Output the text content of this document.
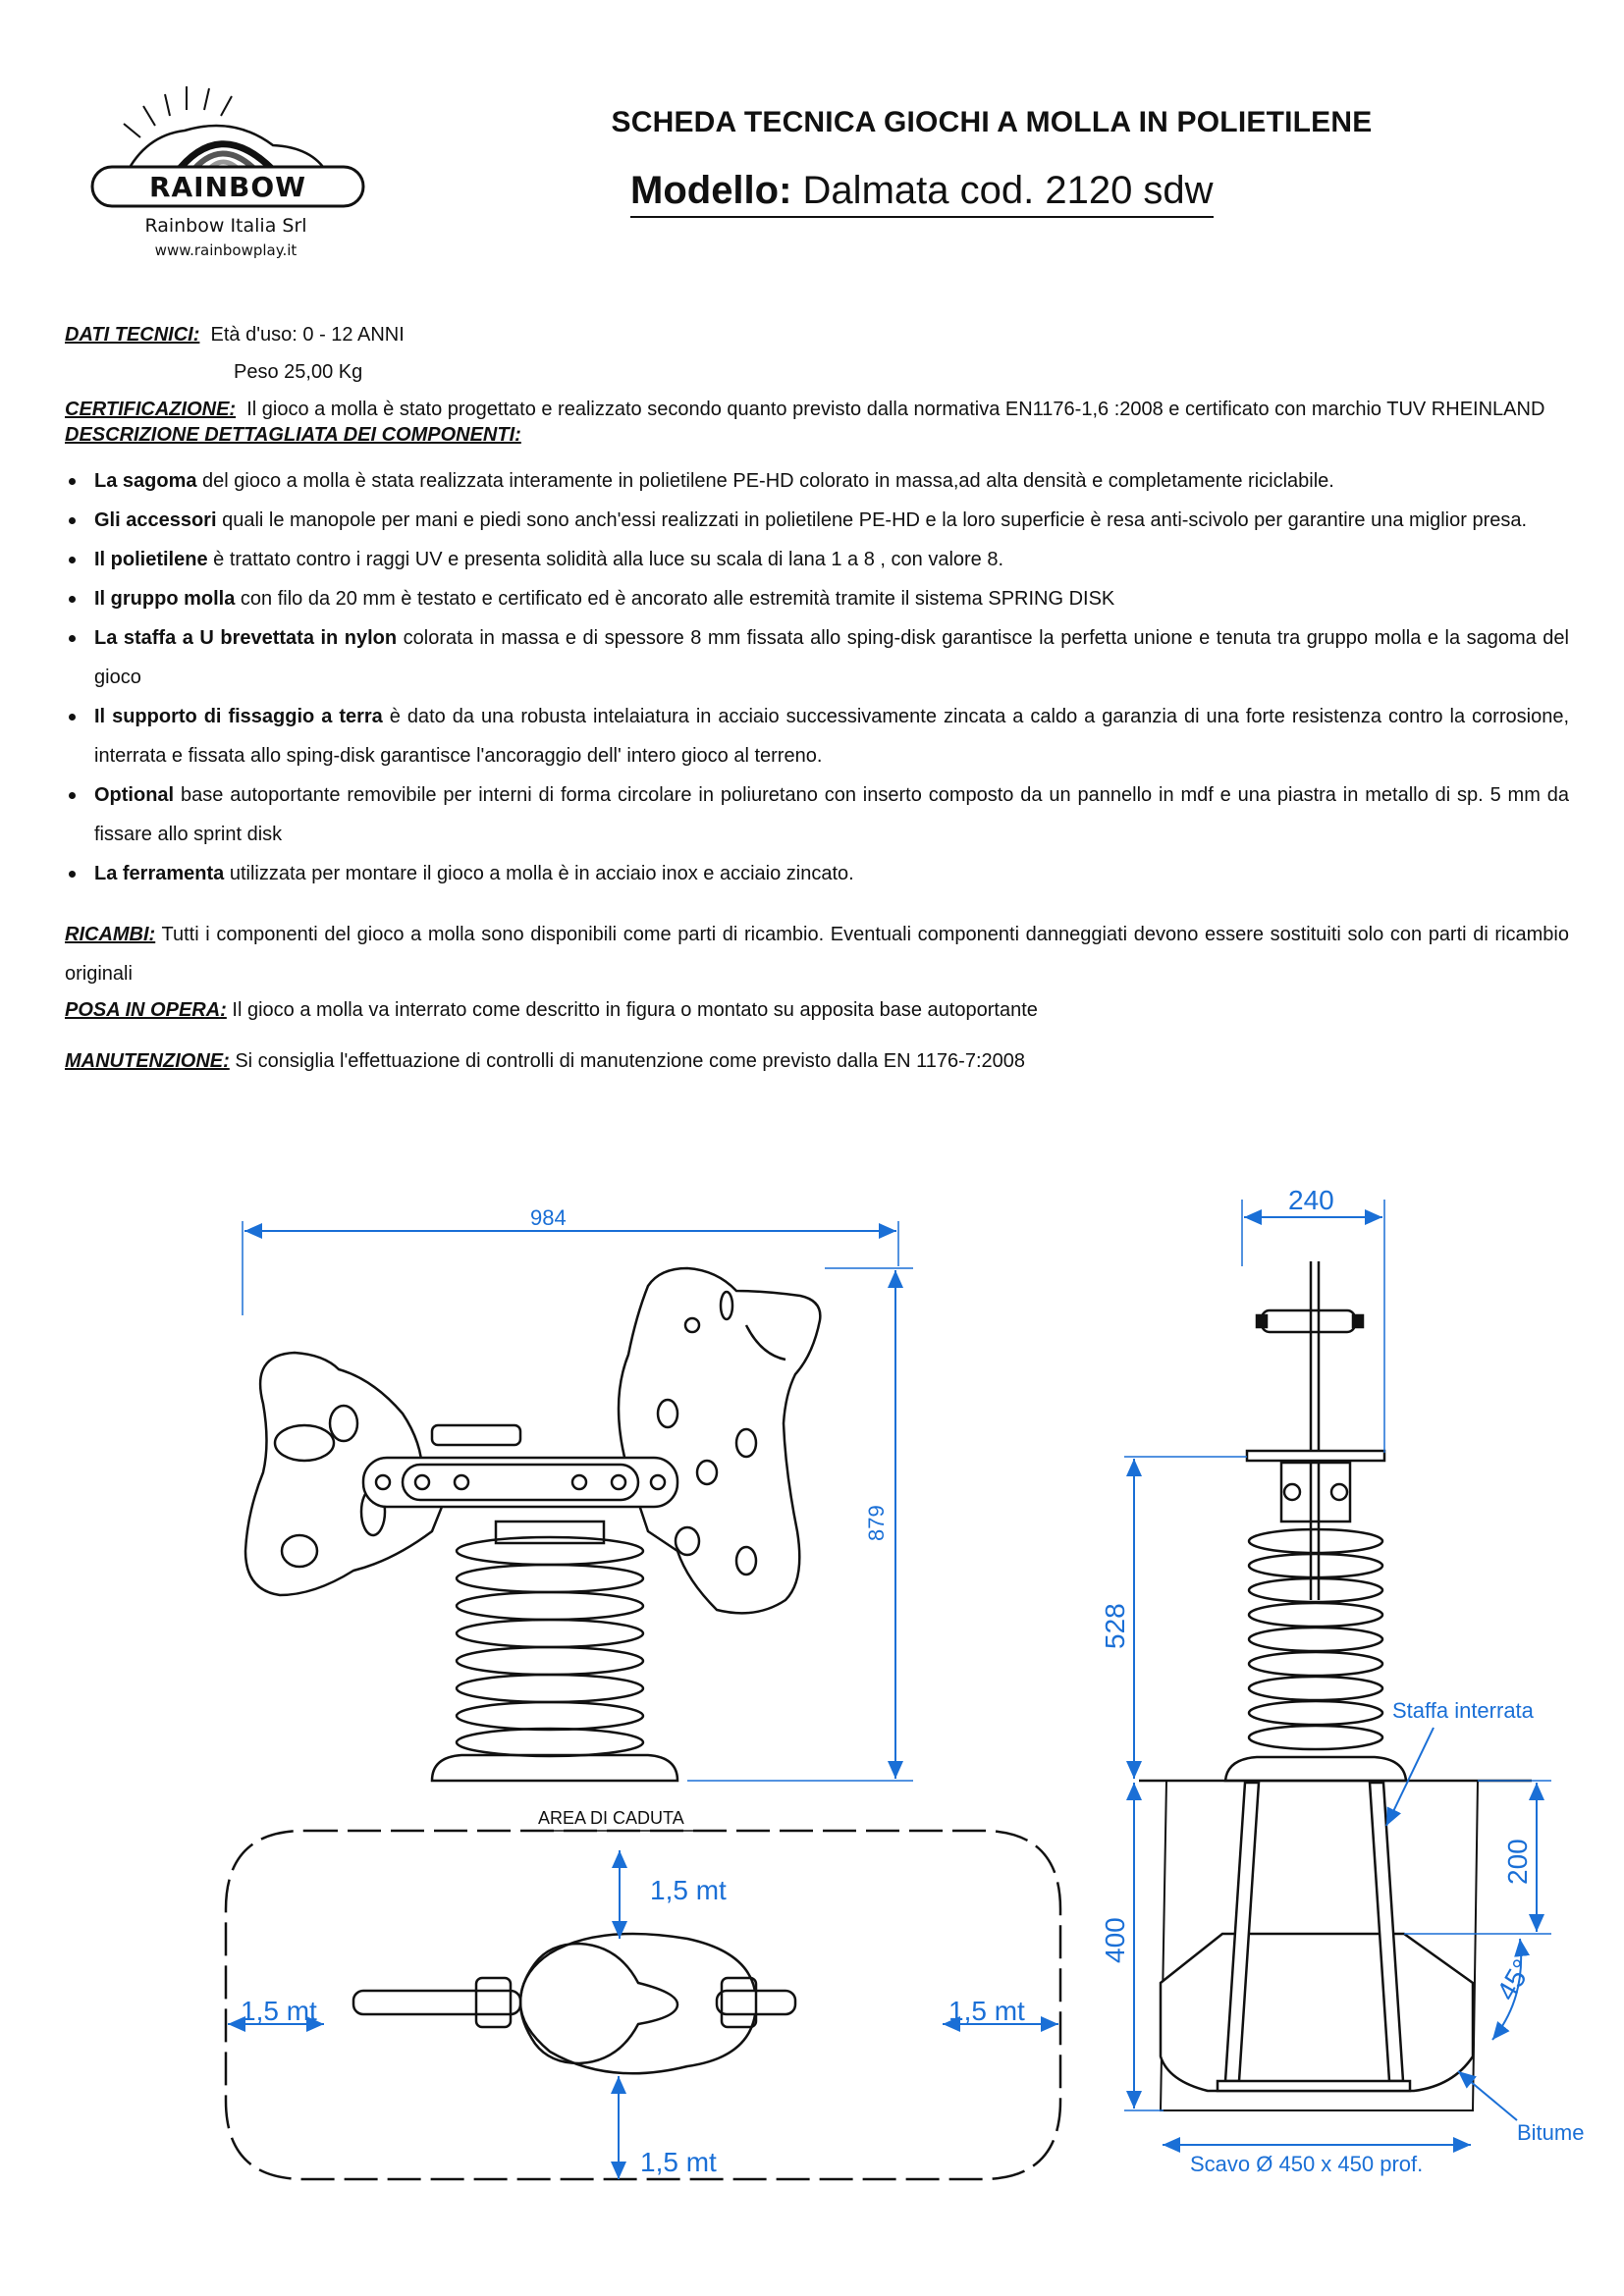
RAINBOW
Rainbow Italia Srl
www.rainbowplay.it
SCHEDA TECNICA GIOCHI A MOLLA IN POLIETILENE
Modello: Dalmata cod. 2120 sdw

DATI TECNICI: Età d'uso: 0 - 12 ANNI

Peso 25,00 Kg

CERTIFICAZIONE: Il gioco a molla è stato progettato e realizzato secondo quanto previsto dalla normativa EN1176-1,6 :2008 e certificato con marchio TUV RHEINLAND

DESCRIZIONE DETTAGLIATA DEI COMPONENTI:

La sagoma del gioco a molla è stata realizzata interamente in polietilene PE-HD colorato in massa,ad alta densità e completamente riciclabile.
Gli accessori quali le manopole per mani e piedi sono anch'essi realizzati in polietilene PE-HD e la loro superficie è resa anti-scivolo per garantire una miglior presa.
Il polietilene è trattato contro i raggi UV e presenta solidità alla luce su scala di lana 1 a 8 , con valore 8.
Il gruppo molla con filo da 20 mm è testato e certificato ed è ancorato alle estremità tramite il sistema SPRING DISK
La staffa a U brevettata in nylon colorata in massa e di spessore 8 mm fissata allo sping-disk garantisce la perfetta unione e tenuta tra gruppo molla e la sagoma del gioco
Il supporto di fissaggio a terra è dato da una robusta intelaiatura in acciaio successivamente zincata a caldo a garanzia di una forte resistenza contro la corrosione, interrata e fissata allo sping-disk garantisce l'ancoraggio dell' intero gioco al terreno.
Optional base autoportante removibile per interni di forma circolare in poliuretano con inserto composto da un pannello in mdf e una piastra in metallo di sp. 5 mm da fissare allo sprint disk
La ferramenta utilizzata per montare il gioco a molla è in acciaio inox e acciaio zincato.

RICAMBI: Tutti i componenti del gioco a molla sono disponibili come parti di ricambio. Eventuali componenti danneggiati devono essere sostituiti solo con parti di ricambio originali

POSA IN OPERA: Il gioco a molla va interrato come descritto in figura o montato su apposita base autoportante

MANUTENZIONE: Si consiglia l'effettuazione di controlli di manutenzione come previsto dalla EN 1176-7:2008

984
879
240
528
400
200
45°
Staffa interrata
Bitume
Scavo Ø 450 x 450 prof.
AREA DI CADUTA
1,5 mt
1,5 mt
1,5 mt	1,5 mt
